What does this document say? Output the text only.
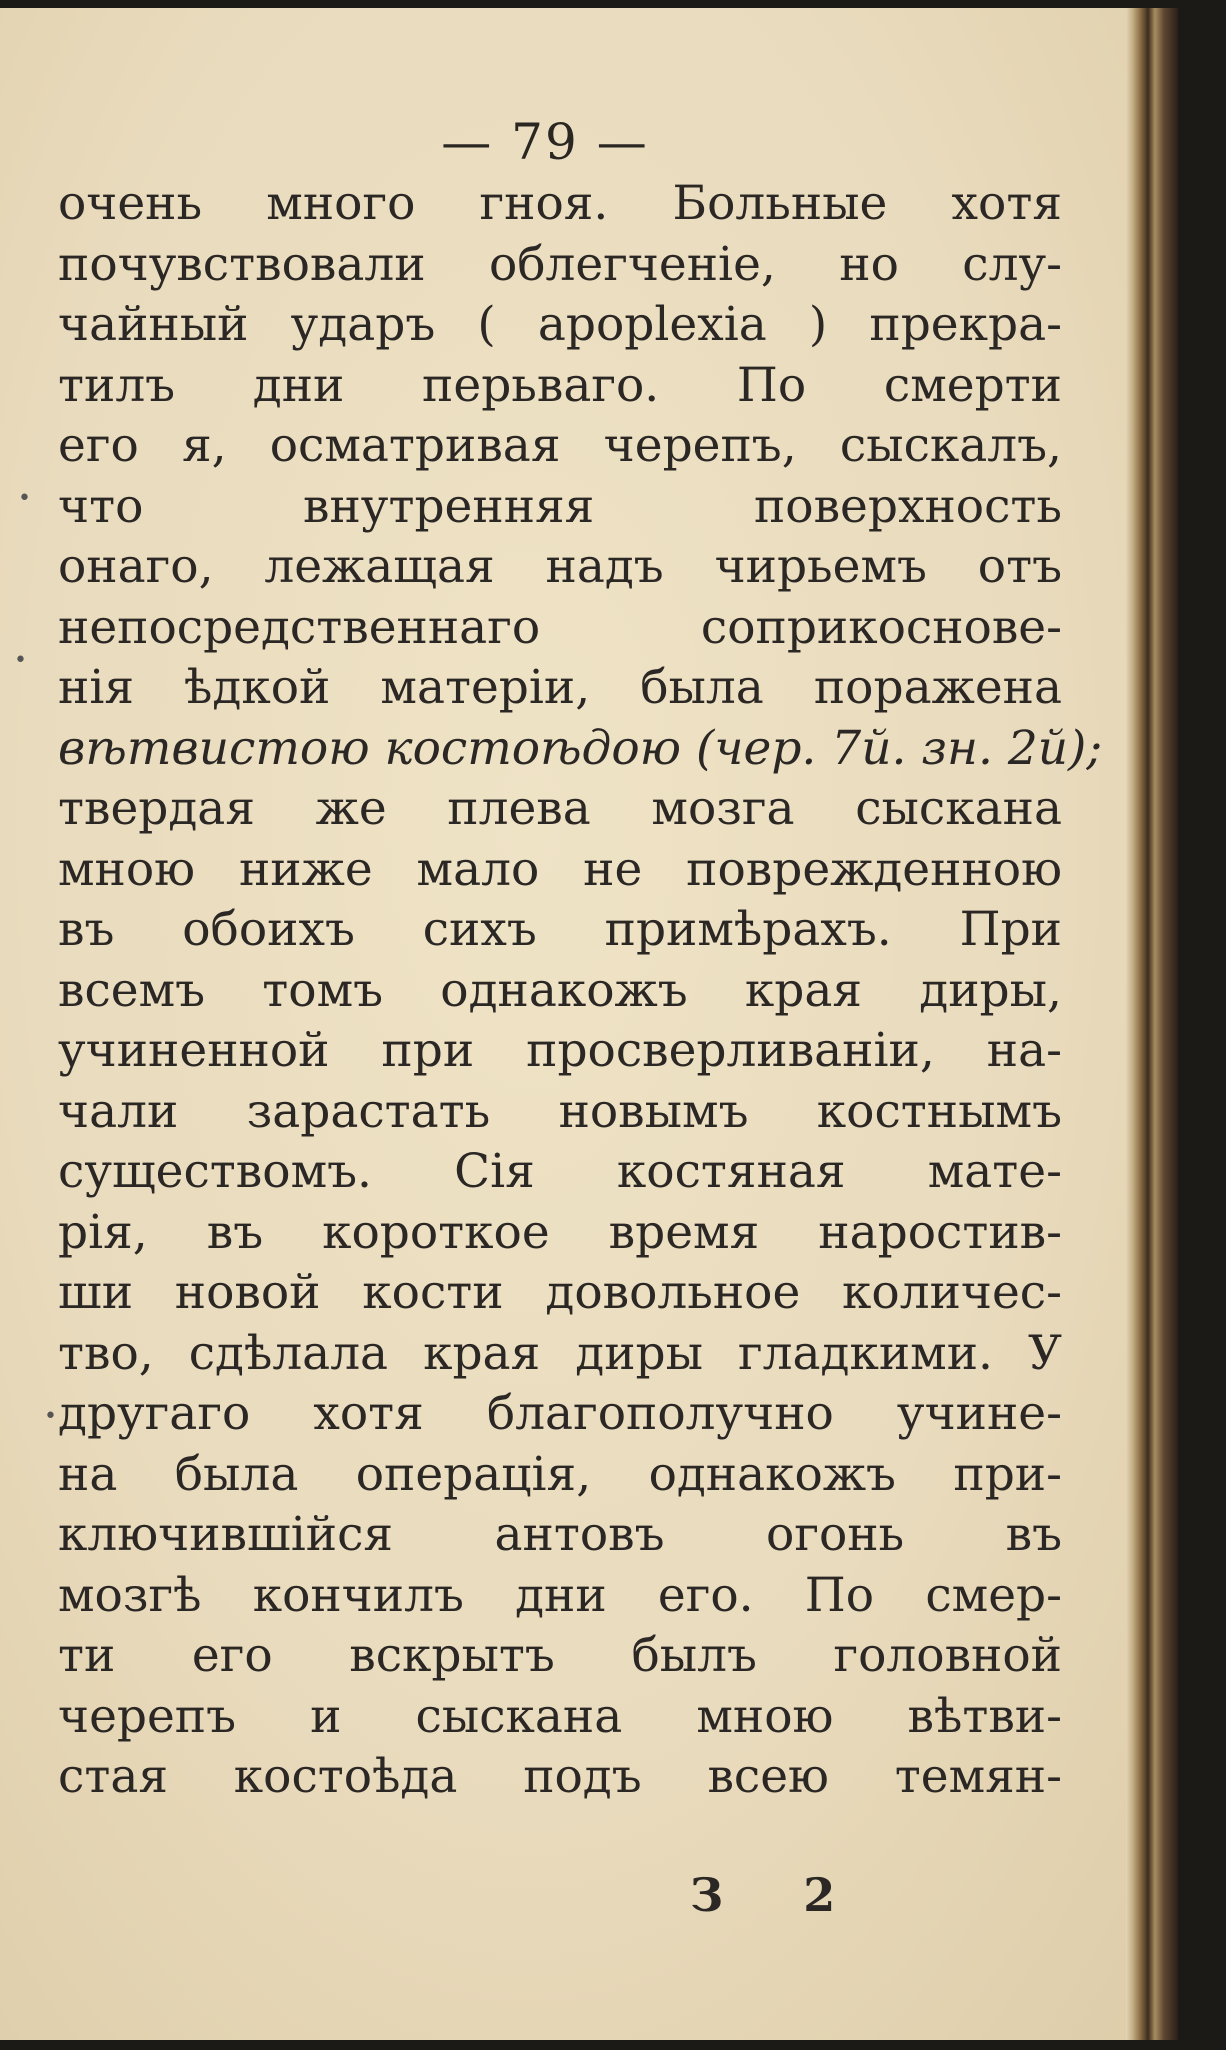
— 79 —
очень много гноя. Больные хотя
почувствовали облегченіе, но слу-
чайный ударъ ( apoplexia ) прекра-
тилъ дни перьваго. По смерти
его я, осматривая черепъ, сыскалъ,
что внутренняя поверхность
онаго, лежащая надъ чирьемъ отъ
непосредственнаго соприкоснове-
нія ѣдкой матеріи, была поражена
вѣтвистою костоѣдою (чер. 7й. зн. 2й);
твердая же плева мозга сыскана
мною ниже мало не поврежденною
въ обоихъ сихъ примѣрахъ. При
всемъ томъ однакожъ края диры,
учиненной при просверливаніи, на-
чали зарастать новымъ костнымъ
существомъ. Сія костяная мате-
рія, въ короткое время наростив-
ши новой кости довольное количес-
тво, сдѣлала края диры гладкими. У
другаго хотя благополучно учине-
на была операція, однакожъ при-
ключившійся антовъ огонь въ
мозгѣ кончилъ дни его. По смер-
ти его вскрытъ былъ головной
черепъ и сыскана мною вѣтви-
стая костоѣда подъ всею темян-
З 2
•
•
•
